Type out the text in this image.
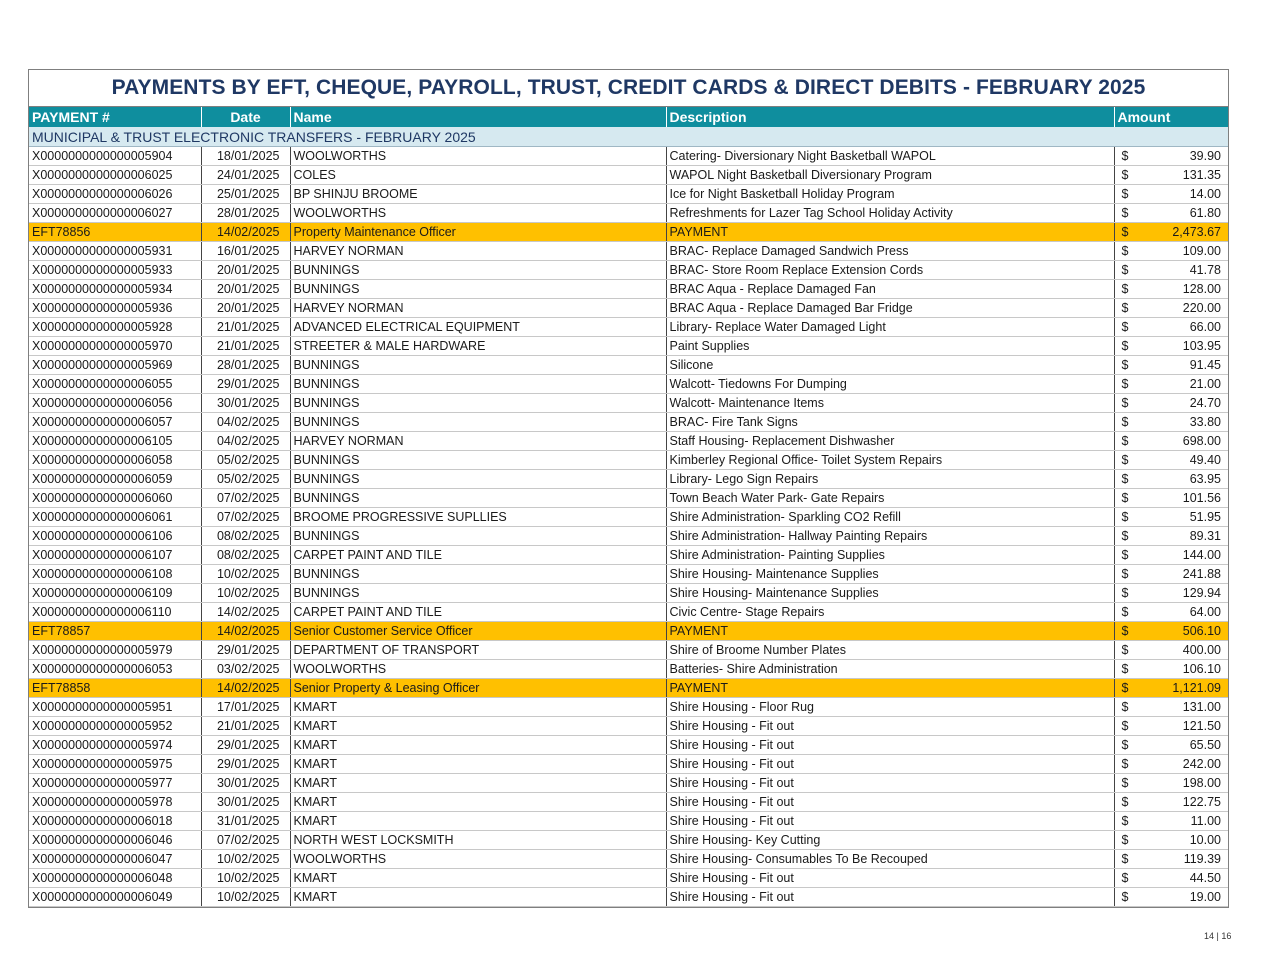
PAYMENTS BY EFT, CHEQUE, PAYROLL, TRUST, CREDIT CARDS & DIRECT DEBITS - FEBRUARY 2025
PAYMENT #	Date	Name	Description	Amount
MUNICIPAL & TRUST ELECTRONIC TRANSFERS - FEBRUARY 2025				
X0000000000000005904	18/01/2025	WOOLWORTHS	Catering- Diversionary Night Basketball WAPOL	$ 39.90
X0000000000000006025	24/01/2025	COLES	WAPOL Night Basketball Diversionary Program	$ 131.35
X0000000000000006026	25/01/2025	BP SHINJU BROOME	Ice for Night Basketball Holiday Program	$ 14.00
X0000000000000006027	28/01/2025	WOOLWORTHS	Refreshments for Lazer Tag School Holiday Activity	$ 61.80
EFT78856	14/02/2025	Property Maintenance Officer	PAYMENT	$ 2,473.67
X0000000000000005931	16/01/2025	HARVEY NORMAN	BRAC- Replace Damaged Sandwich Press	$ 109.00
X0000000000000005933	20/01/2025	BUNNINGS	BRAC- Store Room Replace Extension Cords	$ 41.78
X0000000000000005934	20/01/2025	BUNNINGS	BRAC Aqua - Replace Damaged Fan	$ 128.00
X0000000000000005936	20/01/2025	HARVEY NORMAN	BRAC Aqua - Replace Damaged Bar Fridge	$ 220.00
X0000000000000005928	21/01/2025	ADVANCED ELECTRICAL EQUIPMENT	Library- Replace Water Damaged Light	$ 66.00
X0000000000000005970	21/01/2025	STREETER & MALE HARDWARE	Paint Supplies	$ 103.95
X0000000000000005969	28/01/2025	BUNNINGS	Silicone	$ 91.45
X0000000000000006055	29/01/2025	BUNNINGS	Walcott- Tiedowns For Dumping	$ 21.00
X0000000000000006056	30/01/2025	BUNNINGS	Walcott- Maintenance Items	$ 24.70
X0000000000000006057	04/02/2025	BUNNINGS	BRAC- Fire Tank Signs	$ 33.80
X0000000000000006105	04/02/2025	HARVEY NORMAN	Staff Housing- Replacement Dishwasher	$ 698.00
X0000000000000006058	05/02/2025	BUNNINGS	Kimberley Regional Office- Toilet System Repairs	$ 49.40
X0000000000000006059	05/02/2025	BUNNINGS	Library- Lego Sign Repairs	$ 63.95
X0000000000000006060	07/02/2025	BUNNINGS	Town Beach Water Park- Gate Repairs	$ 101.56
X0000000000000006061	07/02/2025	BROOME PROGRESSIVE SUPLLIES	Shire Administration- Sparkling CO2 Refill	$ 51.95
X0000000000000006106	08/02/2025	BUNNINGS	Shire Administration- Hallway Painting Repairs	$ 89.31
X0000000000000006107	08/02/2025	CARPET PAINT AND TILE	Shire Administration- Painting Supplies	$ 144.00
X0000000000000006108	10/02/2025	BUNNINGS	Shire Housing- Maintenance Supplies	$ 241.88
X0000000000000006109	10/02/2025	BUNNINGS	Shire Housing- Maintenance Supplies	$ 129.94
X0000000000000006110	14/02/2025	CARPET PAINT AND TILE	Civic Centre- Stage Repairs	$ 64.00
EFT78857	14/02/2025	Senior Customer Service Officer	PAYMENT	$ 506.10
X0000000000000005979	29/01/2025	DEPARTMENT OF TRANSPORT	Shire of Broome Number Plates	$ 400.00
X0000000000000006053	03/02/2025	WOOLWORTHS	Batteries- Shire Administration	$ 106.10
EFT78858	14/02/2025	Senior Property & Leasing Officer	PAYMENT	$ 1,121.09
X0000000000000005951	17/01/2025	KMART	Shire Housing - Floor Rug	$ 131.00
X0000000000000005952	21/01/2025	KMART	Shire Housing - Fit out	$ 121.50
X0000000000000005974	29/01/2025	KMART	Shire Housing - Fit out	$ 65.50
X0000000000000005975	29/01/2025	KMART	Shire Housing - Fit out	$ 242.00
X0000000000000005977	30/01/2025	KMART	Shire Housing - Fit out	$ 198.00
X0000000000000005978	30/01/2025	KMART	Shire Housing - Fit out	$ 122.75
X0000000000000006018	31/01/2025	KMART	Shire Housing - Fit out	$ 11.00
X0000000000000006046	07/02/2025	NORTH WEST LOCKSMITH	Shire Housing- Key Cutting	$ 10.00
X0000000000000006047	10/02/2025	WOOLWORTHS	Shire Housing- Consumables To Be Recouped	$ 119.39
X0000000000000006048	10/02/2025	KMART	Shire Housing - Fit out	$ 44.50
X0000000000000006049	10/02/2025	KMART	Shire Housing - Fit out	$ 19.00
14 | 16
